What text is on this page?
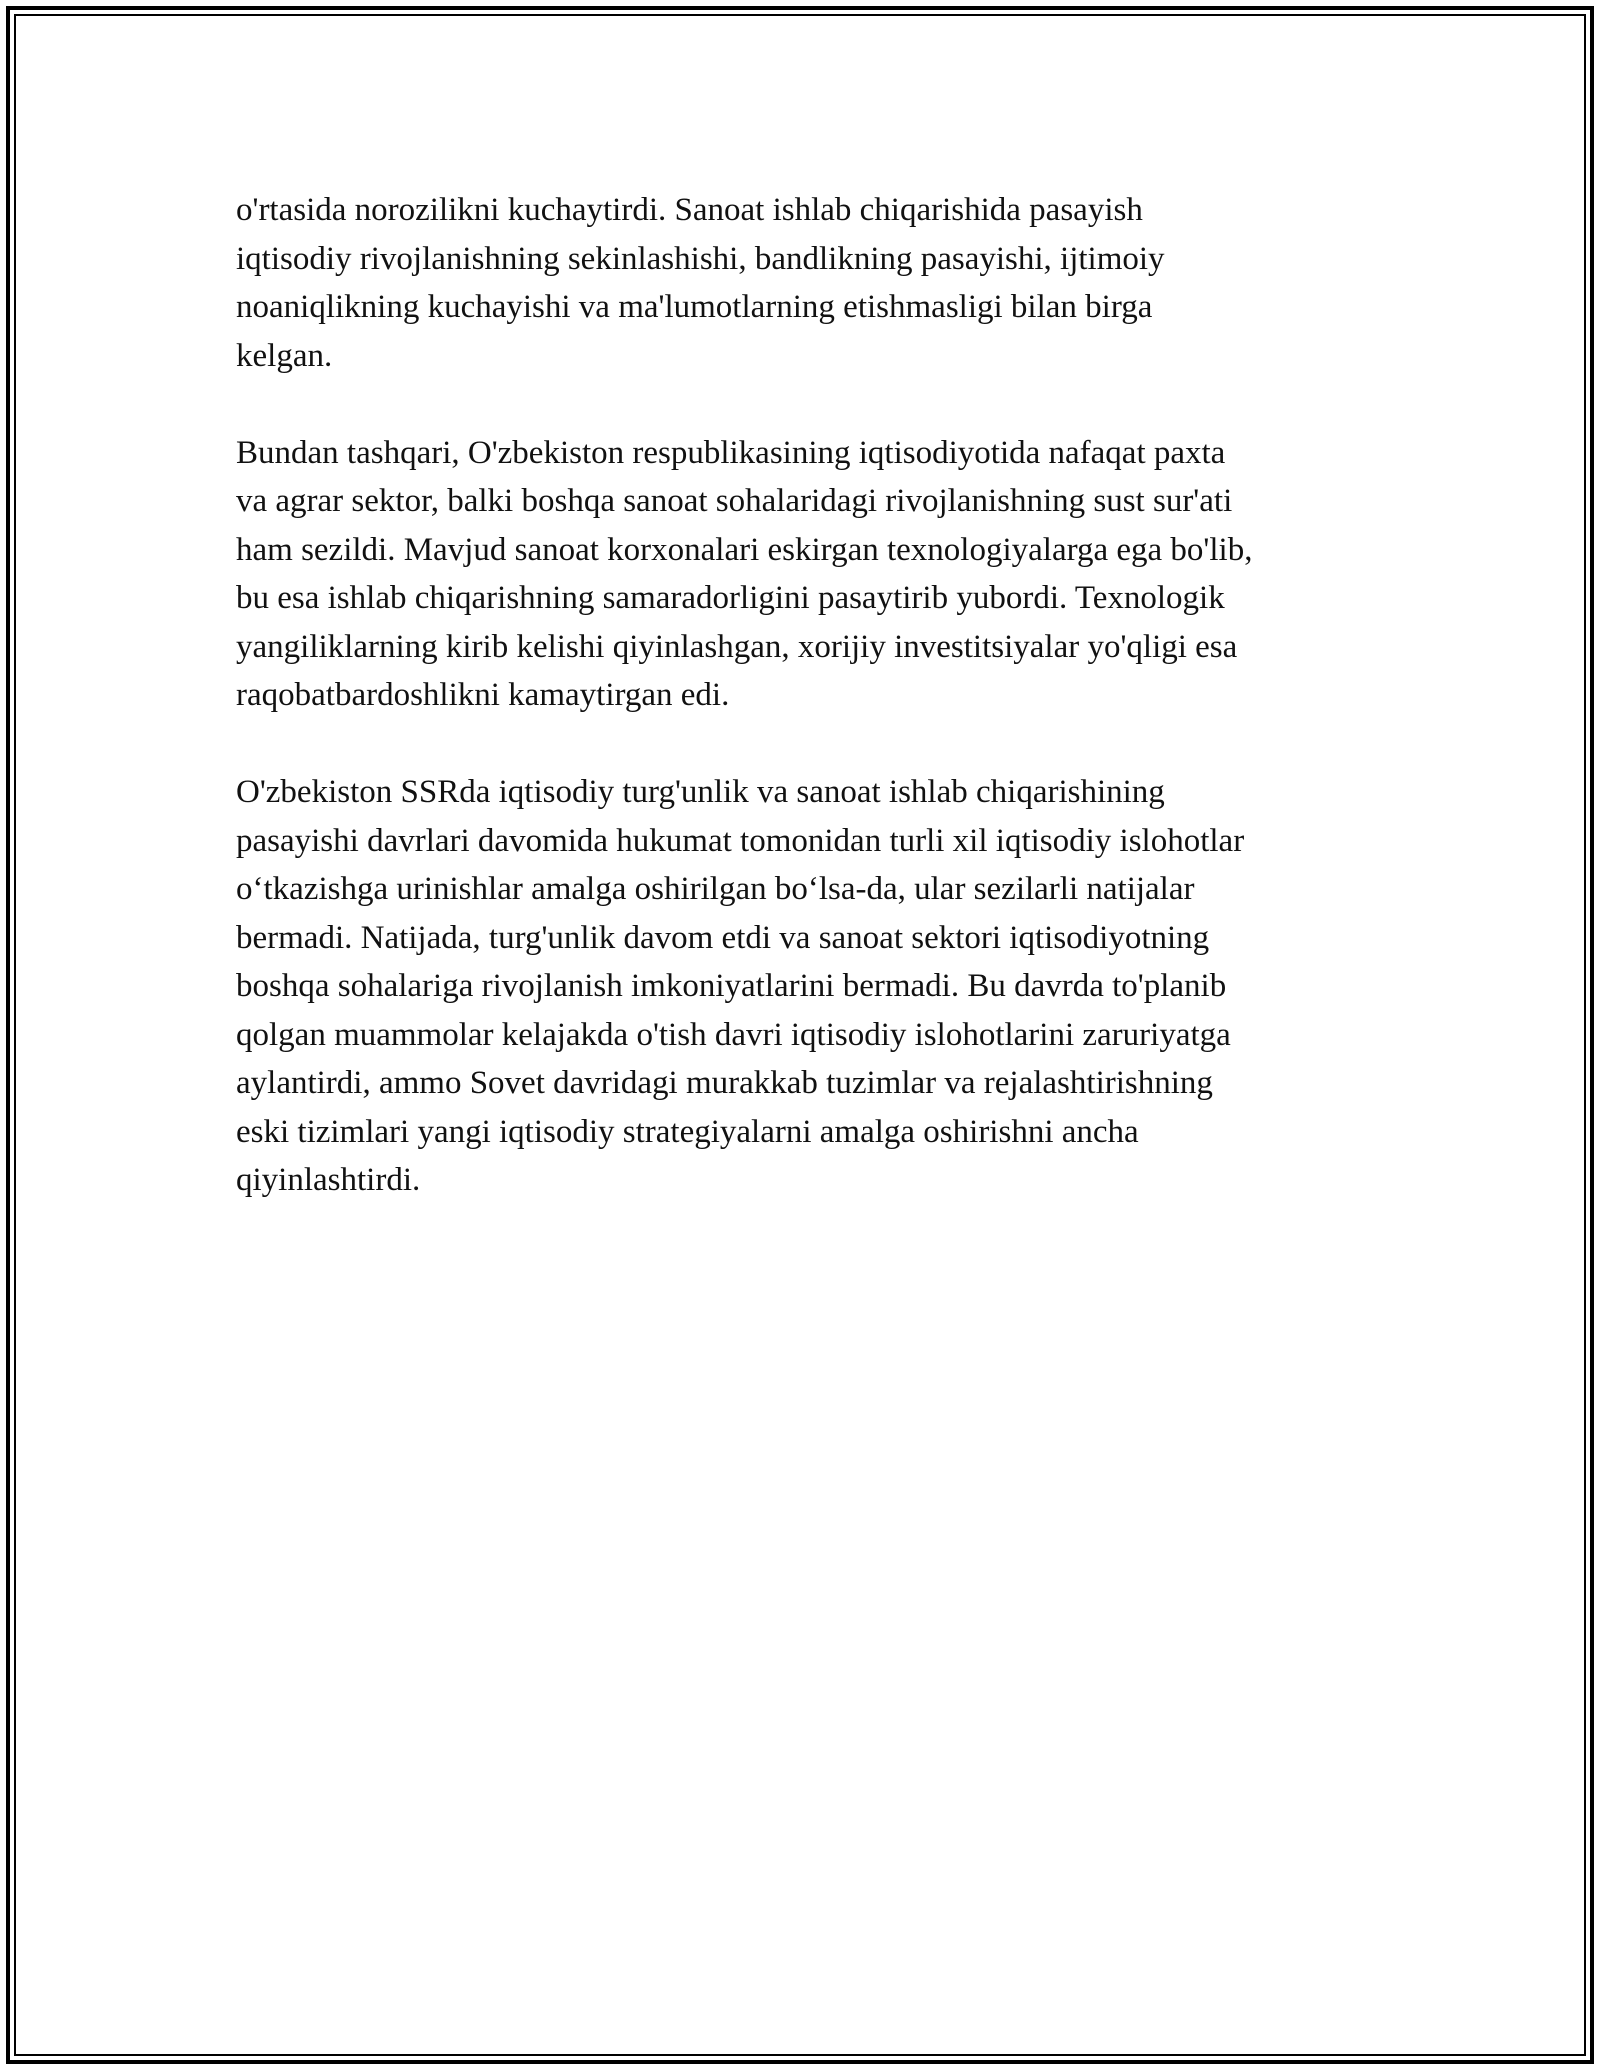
o'rtasida norozilikni kuchaytirdi. Sanoat ishlab chiqarishida pasayish
iqtisodiy rivojlanishning sekinlashishi, bandlikning pasayishi, ijtimoiy
noaniqlikning kuchayishi va ma'lumotlarning etishmasligi bilan birga
kelgan.

Bundan tashqari, O'zbekiston respublikasining iqtisodiyotida nafaqat paxta
va agrar sektor, balki boshqa sanoat sohalaridagi rivojlanishning sust sur'ati
ham sezildi. Mavjud sanoat korxonalari eskirgan texnologiyalarga ega bo'lib,
bu esa ishlab chiqarishning samaradorligini pasaytirib yubordi. Texnologik
yangiliklarning kirib kelishi qiyinlashgan, xorijiy investitsiyalar yo'qligi esa
raqobatbardoshlikni kamaytirgan edi.

O'zbekiston SSRda iqtisodiy turg'unlik va sanoat ishlab chiqarishining
pasayishi davrlari davomida hukumat tomonidan turli xil iqtisodiy islohotlar
o‘tkazishga urinishlar amalga oshirilgan bo‘lsa-da, ular sezilarli natijalar
bermadi. Natijada, turg'unlik davom etdi va sanoat sektori iqtisodiyotning
boshqa sohalariga rivojlanish imkoniyatlarini bermadi. Bu davrda to'planib
qolgan muammolar kelajakda o'tish davri iqtisodiy islohotlarini zaruriyatga
aylantirdi, ammo Sovet davridagi murakkab tuzimlar va rejalashtirishning
eski tizimlari yangi iqtisodiy strategiyalarni amalga oshirishni ancha
qiyinlashtirdi.
